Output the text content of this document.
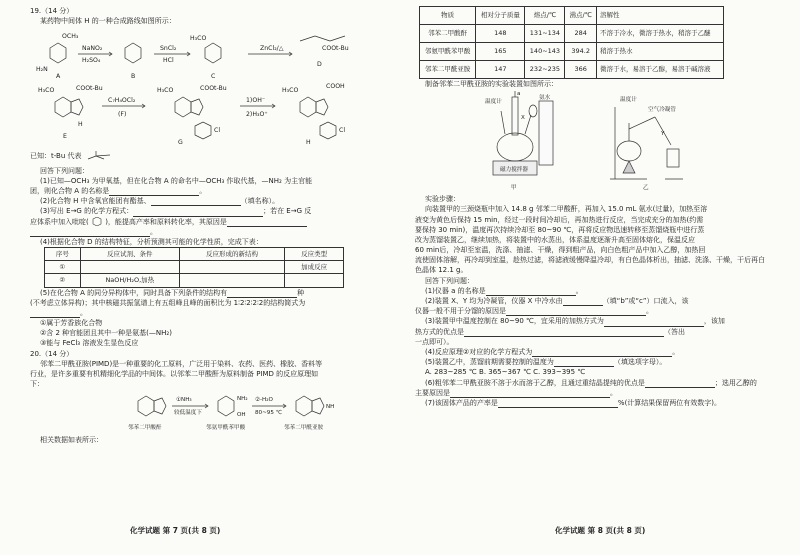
19.（14 分）
某药物中间体 H 的一种合成路线如图所示：
OCH₃
H₂N
A
NaNO₂
H₂SO₄
B
SnCl₂
HCl
H₃CO
C
ZnCl₂/△	COOt-Bu
D
H₃CO	COOt-Bu
H
E
C₇H₄OCl₂
(F)
H₃CO	COOt-Bu
Cl
G
1)OH⁻
2)H₃O⁺
H₃CO
COOH
Cl
H
已知：t-Bu 代表
回答下列问题：
(1)已知—OCH₃ 为甲氧基，但在化合物 A 的命名中—OCH₃ 作取代基，—NH₂ 为主官能
团，则化合物 A 的名称是	。
(2)化合物 H 中含氧官能团有酯基、	（填名称）。
(3)写出 E→G 的化学方程式：	；若在 E→G 反
应体系中加入吡啶( )，能提高产率和原料转化率，其原因是
。
(4)根据化合物 D 的结构特征，分析预测其可能的化学性质，完成下表：
序号	反应试剂、条件	反应形成的新结构	反应类型
①			加成反应
②	NaOH/H₂O,加热		
(5)在化合物 A 的同分异构体中，同时具备下列条件的结构有	种
(不考虑立体异构)；其中核磁共振氢谱上有五组峰且峰的面积比为 1∶2∶2∶2∶2的结构简式为
。
①属于芳香族化合物
②含 2 种官能团且其中一种是氨基(—NH₂)
③能与 FeCl₃ 溶液发生显色反应
20.（14 分）
邻苯二甲酰亚胺(PIMD)是一种重要的化工原料，广泛用于染料、农药、医药、橡胶、香料等
行业，是许多重要有机精细化学品的中间体。以邻苯二甲酸酐为原料制备 PIMD 的反应原理如
下：
①NH₃
较低温度下
②-H₂O
80~95 ℃
NH₂
OH
NH
邻苯二甲酸酐	邻氨甲酰苯甲酸	邻苯二甲酰亚胺
相关数据如表所示：
物质	相对分子质量	熔点/℃	沸点/℃	溶解性
邻苯二甲酸酐	148	131~134	284	不溶于冷水，微溶于热水，稍溶于乙醚
邻氨甲酰苯甲酸	165	140~143	394.2	稍溶于热水
邻苯二甲酰亚胺	147	232~235	366	微溶于水，易溶于乙醇，易溶于碱溶液
制备邻苯二甲酰亚胺的实验装置如图所示：
温度计
a
X
氨水
磁力搅拌器
甲
温度计
空气冷凝管
Y
乙
实验步骤：
向装置甲的三颈烧瓶中加入 14.8 g 邻苯二甲酸酐，再加入 15.0 mL 氨水(过量)，加热至溶
液变为黄色后保持 15 min，经过一段时间冷却后，再加热进行反应，当完成充分的加热(约需
要保持 30 min)，温度再次持续冷却至 80~90 ℃，再将反应物迅速转移至蒸馏烧瓶中进行蒸
改为蒸馏装置乙，继续加热，将装置中的水蒸出，体系温度逐渐升高至固体熔化，保温反应
60 min后，冷却至室温，洗涤、抽滤、干燥，得到粗产品，向白色粗产品中加入乙醇，加热回
流使固体溶解，再冷却到室温，趁热过滤，将滤液缓慢降温冷却，有白色晶体析出，抽滤、洗涤、干燥，干后再白
色晶体 12.1 g。
回答下列问题：
(1)仪器 a 的名称是	。
(2)装置 X、Y 均为冷凝管，仪器 X 中冷水由	（填“b”或“c”）口流入，该
仪器一般不用于分馏的原因是	。
(3)装置甲中温度控制在 80~90 ℃，宜采用的加热方式为	，该加
热方式的优点是	（答出
一点即可）。
(4)反应原理②对应的化学方程式为	。
(5)装置乙中，蒸馏前期需要控制的温度为	（填选项字母）。
A. 283~285 ℃ B. 365~367 ℃ C. 393~395 ℃
(6)粗邻苯二甲酰亚胺不溶于水而溶于乙醇，且通过重结晶提纯的优点是	；选用乙醇的
主要原因是	。
(7)该固体产品的产率是	%(计算结果保留两位有效数字)。
化学试题 第 7 页(共 8 页)	化学试题 第 8 页(共 8 页)
